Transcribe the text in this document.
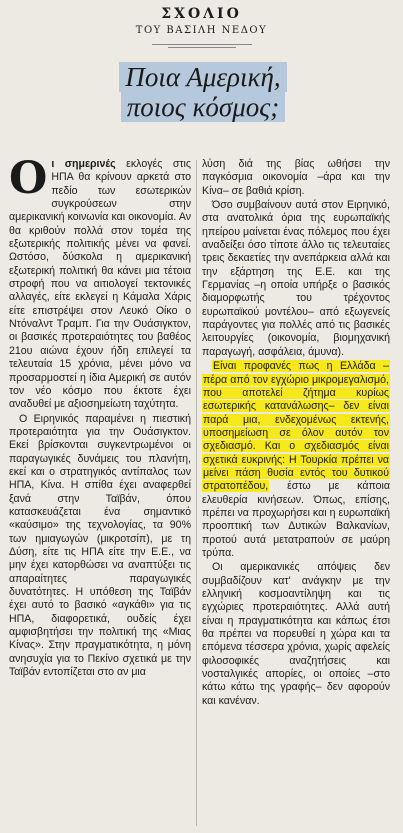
ΣΧΟΛΙΟ
ΤΟΥ ΒΑΣΙΛΗ ΝΕΔΟΥ
Ποια Αμερική,
ποιος κόσμος;

Οι σημερινές εκλογές στις ΗΠΑ θα κρίνουν αρκετά στο πεδίο των εσωτερικών συγκρούσεων στην αμερικανική κοινωνία και οικονομία. Αν θα κριθούν πολλά στον τομέα της εξωτερικής πολιτικής μένει να φανεί. Ωστόσο, δύσκολα η αμερικανική εξωτερική πολιτική θα κάνει μια τέτοια στροφή που να αιτιολογεί τεκτονικές αλλαγές, είτε εκλεγεί η Κάμαλα Χάρις είτε επιστρέψει στον Λευκό Οίκο ο Ντόναλντ Τραμπ. Για την Ουάσιγκτον, οι βασικές προτεραιότητες του βαθέος 21ου αιώνα έχουν ήδη επιλεγεί τα τελευταία 15 χρόνια, μένει μόνο να προσαρμοστεί η ίδια Αμερική σε αυτόν τον νέο κόσμο που έκτοτε έχει αναδυθεί με αξιοσημείωτη ταχύτητα.

Ο Ειρηνικός παραμένει η πιεστική προτεραιότητα για την Ουάσιγκτον. Εκεί βρίσκονται συγκεντρωμένοι οι παραγωγικές δυνάμεις του πλανήτη, εκεί και ο στρατηγικός αντίπαλος των ΗΠΑ, Κίνα. Η σπίθα έχει αναφερθεί ξανά στην Ταϊβάν, όπου κατασκευάζεται ένα σημαντικό «καύσιμο» της τεχνολογίας, τα 90% των ημιαγωγών (μικροτσίπ), με τη Δύση, είτε τις ΗΠΑ είτε την Ε.Ε., να μην έχει κατορθώσει να αναπτύξει τις απαραίτητες παραγωγικές δυνατότητες. Η υπόθεση της Ταϊβάν έχει αυτό το βασικό «αγκάθι» για τις ΗΠΑ, διαφορετικά, ουδείς έχει αμφισβητήσει την πολιτική της «Μιας Κίνας». Στην πραγματικότητα, η μόνη ανησυχία για το Πεκίνο σχετικά με την Ταϊβάν εντοπίζεται στο αν μια

λύση διά της βίας ωθήσει την παγκόσμια οικονομία –άρα και την Κίνα– σε βαθιά κρίση.

Όσο συμβαίνουν αυτά στον Ειρηνικό, στα ανατολικά όρια της ευρωπαϊκής ηπείρου μαίνεται ένας πόλεμος που έχει αναδείξει όσο τίποτε άλλο τις τελευταίες τρεις δεκαετίες την ανεπάρκεια αλλά και την εξάρτηση της Ε.Ε. και της Γερμανίας –η οποία υπήρξε ο βασικός διαμορφωτής του τρέχοντος ευρωπαϊκού μοντέλου– από εξωγενείς παράγοντες για πολλές από τις βασικές λειτουργίες (οικονομία, βιομηχανική παραγωγή, ασφάλεια, άμυνα).

Είναι προφανές πως η Ελλάδα –πέρα από τον εγχώριο μικρομεγαλισμό, που αποτελεί ζήτημα κυρίως εσωτερικής κατανάλωσης– δεν είναι παρά μια, ενδεχομένως εκτενής, υποσημείωση σε όλον αυτόν τον σχεδιασμό. Και ο σχεδιασμός είναι σχετικά ευκρινής: Η Τουρκία πρέπει να μείνει πάση θυσία εντός του δυτικού στρατοπέδου, έστω με κάποια ελευθερία κινήσεων. Όπως, επίσης, πρέπει να προχωρήσει και η ευρωπαϊκή προοπτική των Δυτικών Βαλκανίων, προτού αυτά μετατραπούν σε μαύρη τρύπα.

Οι αμερικανικές απόψεις δεν συμβαδίζουν κατ' ανάγκην με την ελληνική κοσμοαντίληψη και τις εγχώριες προτεραιότητες. Αλλά αυτή είναι η πραγματικότητα και κάπως έτσι θα πρέπει να πορευθεί η χώρα και τα επόμενα τέσσερα χρόνια, χωρίς αφελείς φιλοσοφικές αναζητήσεις και νοσταλγικές απορίες, οι οποίες –στο κάτω κάτω της γραφής– δεν αφορούν και κανέναν.
